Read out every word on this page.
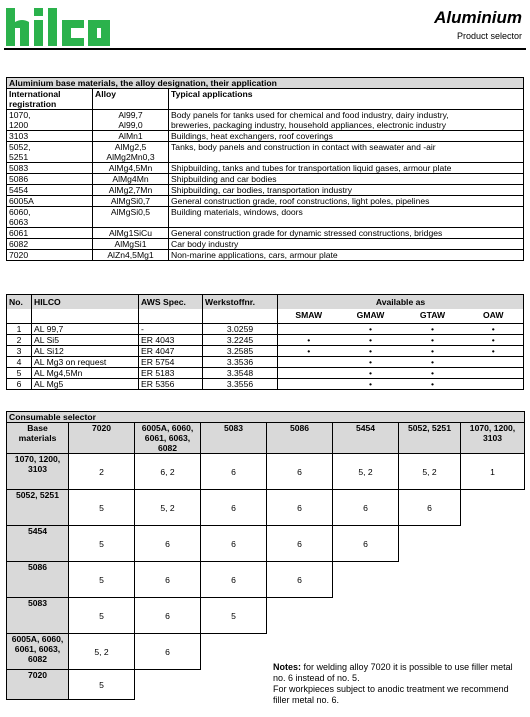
Aluminium
Product selector
Aluminium base materials, the alloy designation, their application		
International registration	Alloy	Typical applications
1070,	Al99,7	Body panels for tanks used for chemical and food industry, dairy industry,
1200	Al99,0	breweries, packaging industry, household appliances, electronic industry
3103	AlMn1	Buildings, heat exchangers, roof coverings
5052,	AlMg2,5	Tanks, body panels and construction in contact with seawater and -air
5251	AlMg2Mn0,3	
5083	AlMg4,5Mn	Shipbuilding, tanks and tubes for transportation liquid gases, armour plate
5086	AlMg4Mn	Shipbuilding and car bodies
5454	AlMg2,7Mn	Shipbuilding, car bodies, transportation industry
6005A	AlMgSi0,7	General construction grade, roof constructions, light poles, pipelines
6060,	AlMgSi0,5	Building materials, windows, doors
6063		
6061	AlMg1SiCu	General construction grade for dynamic stressed constructions, bridges
6082	AlMgSi1	Car body industry
7020	AlZn4,5Mg1	Non-marine applications, cars, armour plate
No.	HILCO	AWS Spec.	Werkstoffnr.	Available as			
				SMAW	GMAW	GTAW	OAW
1	AL 99,7	-	3.0259		•	•	•
2	AL Si5	ER 4043	3.2245	•	•	•	•
3	AL Si12	ER 4047	3.2585	•	•	•	•
4	AL Mg3 on request	ER 5754	3.3536		•	•	
5	AL Mg4,5Mn	ER 5183	3.3548		•	•	
6	AL Mg5	ER 5356	3.3556		•	•	
Consumable selector							
Base materials	7020	6005A, 6060, 6061, 6063, 6082	5083	5086	5454	5052, 5251	1070, 1200, 3103
1070, 1200, 3103	2	6, 2	6	6	5, 2	5, 2	1
5052, 5251	5	5, 2	6	6	6	6	
5454	5	6	6	6	6		
5086	5	6	6	6			
5083	5	6	5				
6005A, 6060, 6061, 6063, 6082	5, 2	6					
7020	5						
Notes: for welding alloy 7020 it is possible to use filler metal no. 6 instead of no. 5.
For workpieces subject to anodic treatment we recommend filler metal no. 6.
